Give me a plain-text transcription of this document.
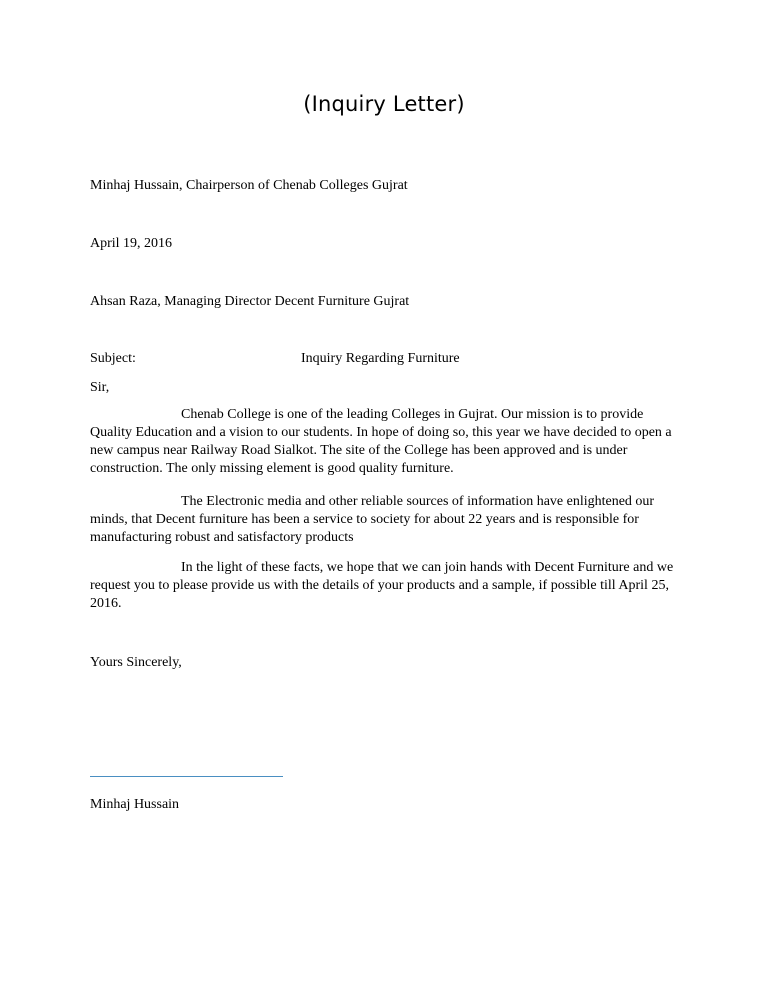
(Inquiry Letter)
Minhaj Hussain, Chairperson of Chenab Colleges Gujrat
April 19, 2016
Ahsan Raza, Managing Director Decent Furniture Gujrat
Subject:	Inquiry Regarding Furniture
Sir,
Chenab College is one of the leading Colleges in Gujrat. Our mission is to provide Quality Education and a vision to our students. In hope of doing so, this year we have decided to open a new campus near Railway Road Sialkot. The site of the College has been approved and is under construction. The only missing element is good quality furniture.
The Electronic media and other reliable sources of information have enlightened our minds, that Decent furniture has been a service to society for about 22 years and is responsible for manufacturing robust and satisfactory products
In the light of these facts, we hope that we can join hands with Decent Furniture and we request you to please provide us with the details of your products and a sample, if possible till April 25, 2016.
Yours Sincerely,
Minhaj Hussain
